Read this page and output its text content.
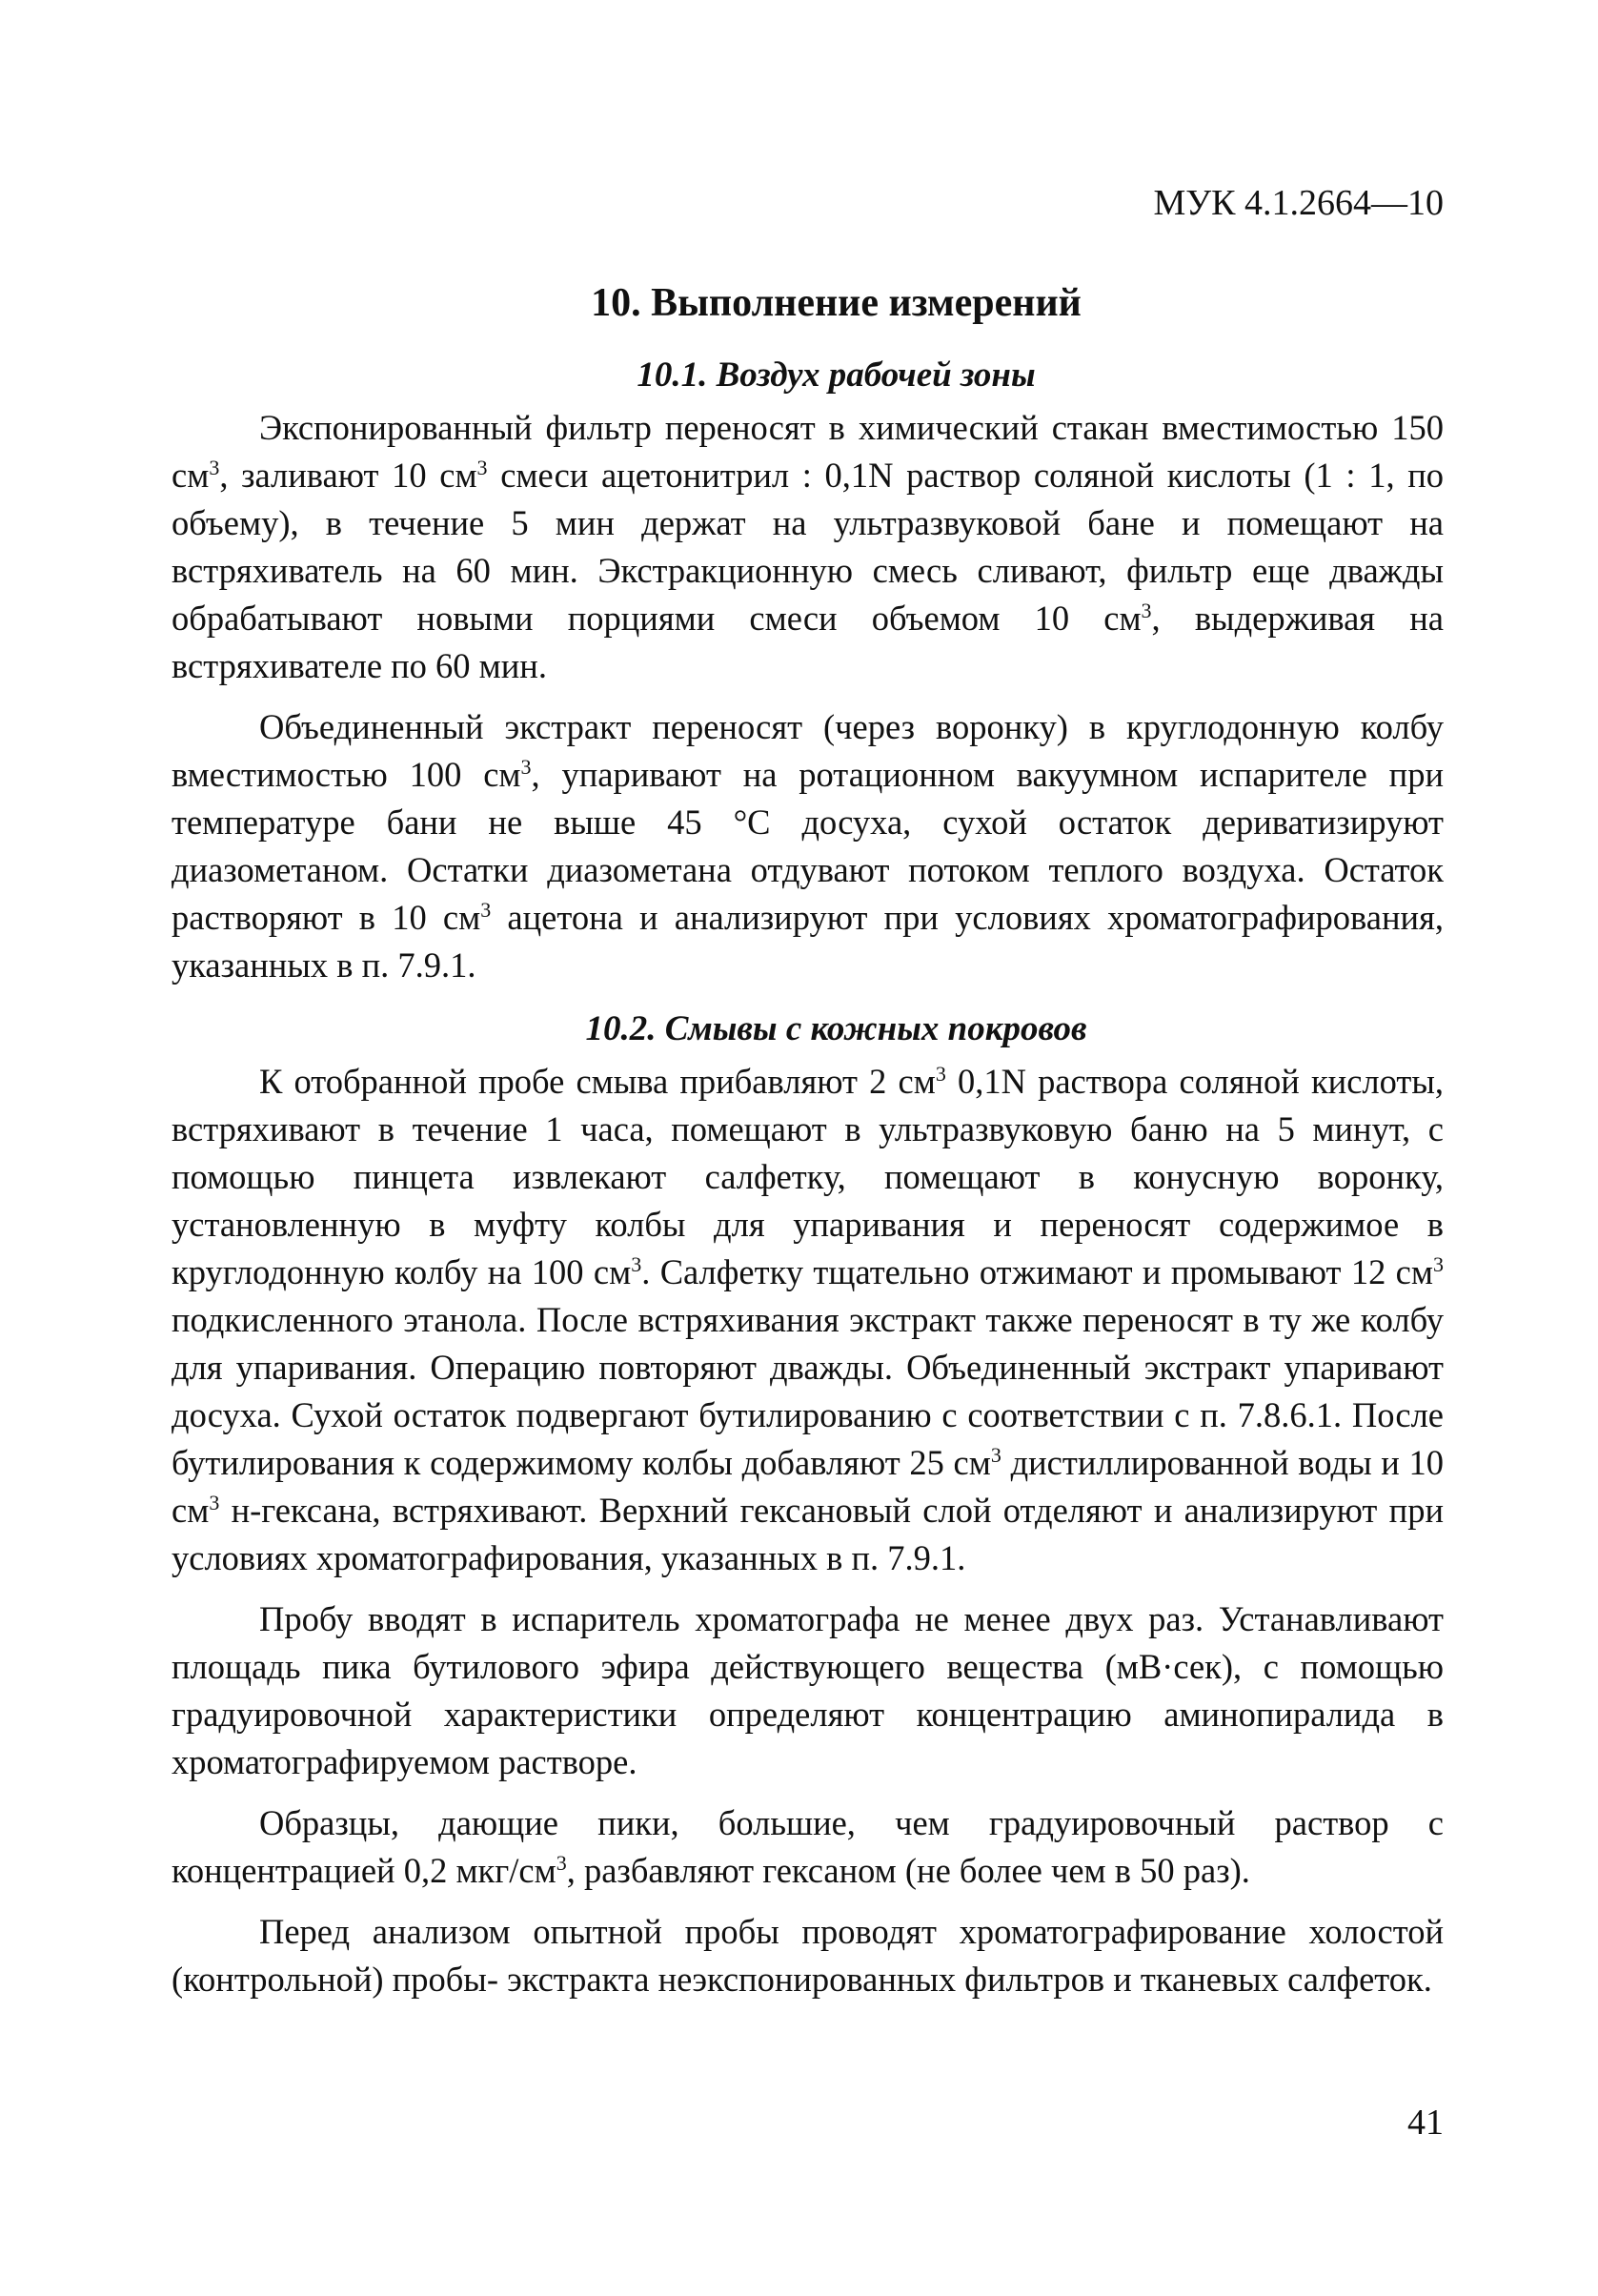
МУК 4.1.2664—10
10. Выполнение измерений
10.1. Воздух рабочей зоны

Экспонированный фильтр переносят в химический стакан вместимостью 150 $см^3$, заливают 10 $см^3$ смеси ацетонитрил : 0,1N раствор соляной кислоты (1 : 1, по объему), в течение 5 мин держат на ультразвуковой бане и помещают на встряхиватель на 60 мин. Экстракционную смесь сливают, фильтр еще дважды обрабатывают новыми порциями смеси объемом 10 $см^3$, выдерживая на встряхивателе по 60 мин.

Объединенный экстракт переносят (через воронку) в круглодонную колбу вместимостью 100 $см^3$, упаривают на ротационном вакуумном испарителе при температуре бани не выше 45 °С досуха, сухой остаток дериватизируют диазометаном. Остатки диазометана отдувают потоком теплого воздуха. Остаток растворяют в 10 $см^3$ ацетона и анализируют при условиях хроматографирования, указанных в п. 7.9.1.

10.2. Смывы с кожных покровов

К отобранной пробе смыва прибавляют 2 $см^3$ 0,1N раствора соляной кислоты, встряхивают в течение 1 часа, помещают в ультразвуковую баню на 5 минут, с помощью пинцета извлекают салфетку, помещают в конусную воронку, установленную в муфту колбы для упаривания и переносят содержимое в круглодонную колбу на 100 $см^3$. Салфетку тщательно отжимают и промывают 12 $см^3$ подкисленного этанола. После встряхивания экстракт также переносят в ту же колбу для упаривания. Операцию повторяют дважды. Объединенный экстракт упаривают досуха. Сухой остаток подвергают бутилированию с соответствии с п. 7.8.6.1. После бутилирования к содержимому колбы добавляют 25 $см^3$ дистиллированной воды и 10 $см^3$ н-гексана, встряхивают. Верхний гексановый слой отделяют и анализируют при условиях хроматографирования, указанных в п. 7.9.1.

Пробу вводят в испаритель хроматографа не менее двух раз. Устанавливают площадь пика бутилового эфира действующего вещества (мВ·сек), с помощью градуировочной характеристики определяют концентрацию аминопиралида в хроматографируемом растворе.

Образцы, дающие пики, большие, чем градуировочный раствор с концентрацией 0,2 мкг/$см^3$, разбавляют гексаном (не более чем в 50 раз).

Перед анализом опытной пробы проводят хроматографирование холостой (контрольной) пробы- экстракта неэкспонированных фильтров и тканевых салфеток.

41
